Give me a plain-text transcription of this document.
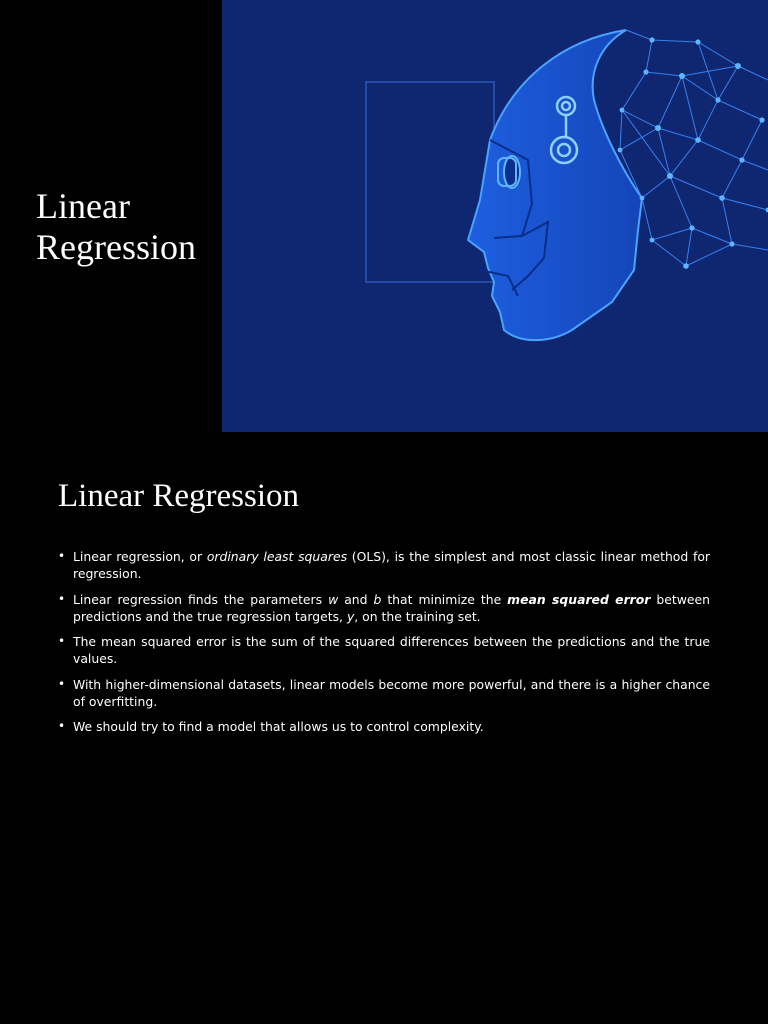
Linear
Regression
Linear Regression
• Linear regression, or ordinary least squares (OLS), is the simplest and most classic linear method for regression.
• Linear regression finds the parameters w and b that minimize the mean squared error between predictions and the true regression targets, y, on the training set.
• The mean squared error is the sum of the squared differences between the predictions and the true values.
• With higher-dimensional datasets, linear models become more powerful, and there is a higher chance of overfitting.
• We should try to find a model that allows us to control complexity.
